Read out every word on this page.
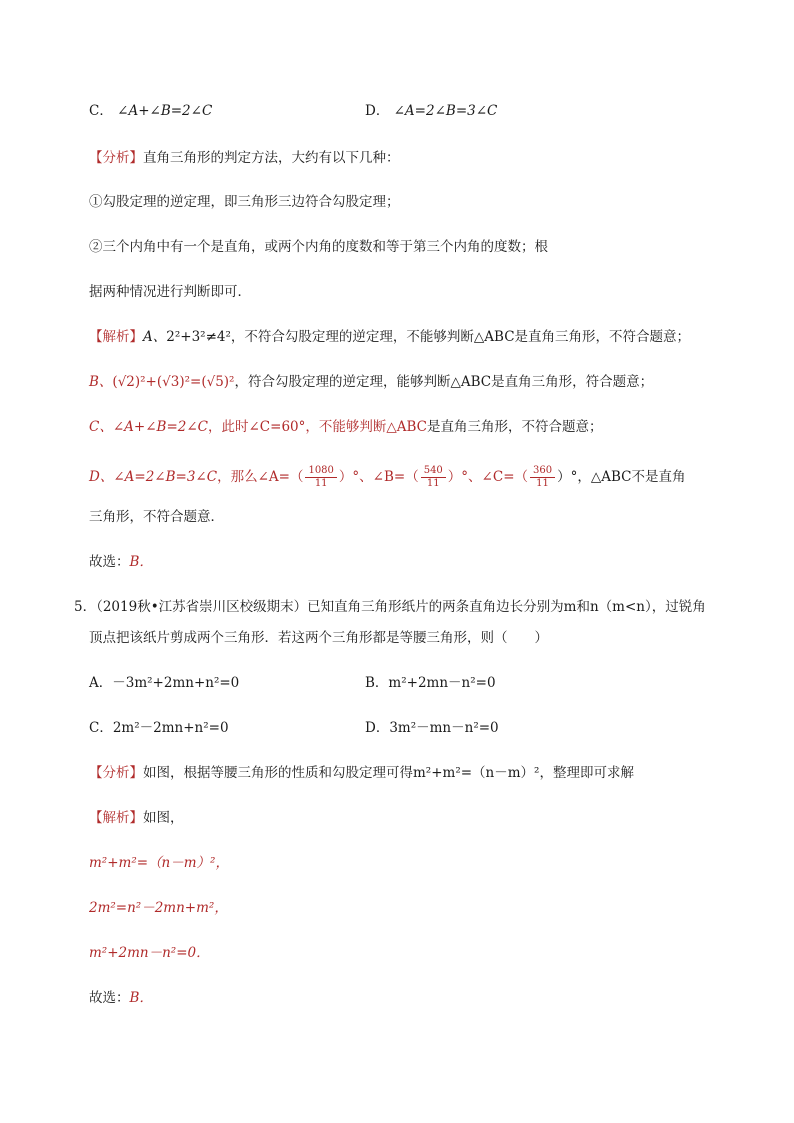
C． ∠A+∠B=2∠C	D． ∠A=2∠B=3∠C
【分析】直角三角形的判定方法，大约有以下几种：
①勾股定理的逆定理，即三角形三边符合勾股定理；
②三个内角中有一个是直角，或两个内角的度数和等于第三个内角的度数；根
据两种情况进行判断即可．
【解析】A、2²+3²≠4²，不符合勾股定理的逆定理，不能够判断△ABC是直角三角形，不符合题意；
B、(√2)²+(√3)²=(√5)²，符合勾股定理的逆定理，能够判断△ABC是直角三角形，符合题意；
C、∠A+∠B=2∠C，此时∠C=60°，不能够判断△ABC是直角三角形，不符合题意；
D、∠A=2∠B=3∠C，那么∠A=（ $\frac{1080}{11}$ ）°、∠B=（ $\frac{540}{11}$ ）°、∠C=（ $\frac{360}{11}$ ）°，△ABC不是直角
三角形，不符合题意．
故选：B．
5．（2019秋•江苏省崇川区校级期末）已知直角三角形纸片的两条直角边长分别为m和n（m<n），过锐角
顶点把该纸片剪成两个三角形．若这两个三角形都是等腰三角形，则（　　）
A．－3m²+2mn+n²=0	B．m²+2mn－n²=0
C．2m²－2mn+n²=0	D．3m²－mn－n²=0
【分析】如图，根据等腰三角形的性质和勾股定理可得m²+m²=（n－m）²，整理即可求解
【解析】如图，
m²+m²=（n－m）²，
2m²=n²－2mn+m²，
m²+2mn－n²=0．
故选：B．
